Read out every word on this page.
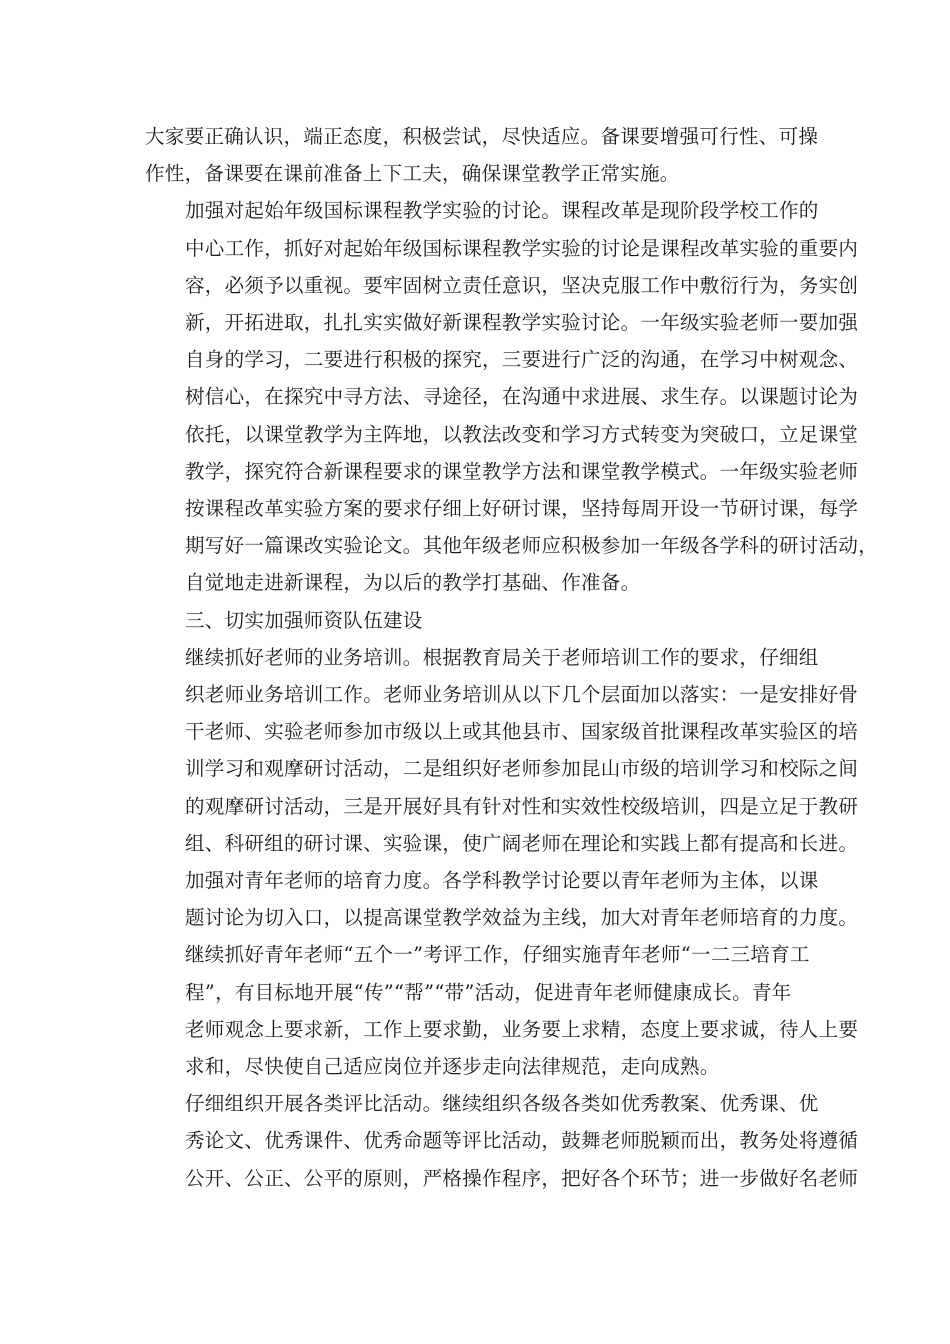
大家要正确认识，端正态度，积极尝试，尽快适应。备课要增强可行性、可操
作性，备课要在课前准备上下工夫，确保课堂教学正常实施。

加强对起始年级国标课程教学实验的讨论。课程改革是现阶段学校工作的
中心工作，抓好对起始年级国标课程教学实验的讨论是课程改革实验的重要内
容，必须予以重视。要牢固树立责任意识，坚决克服工作中敷衍行为，务实创
新，开拓进取，扎扎实实做好新课程教学实验讨论。一年级实验老师一要加强
自身的学习，二要进行积极的探究，三要进行广泛的沟通，在学习中树观念、
树信心，在探究中寻方法、寻途径，在沟通中求进展、求生存。以课题讨论为
依托，以课堂教学为主阵地，以教法改变和学习方式转变为突破口，立足课堂
教学，探究符合新课程要求的课堂教学方法和课堂教学模式。一年级实验老师
按课程改革实验方案的要求仔细上好研讨课，坚持每周开设一节研讨课，每学
期写好一篇课改实验论文。其他年级老师应积极参加一年级各学科的研讨活动，
自觉地走进新课程，为以后的教学打基础、作准备。

三、切实加强师资队伍建设

继续抓好老师的业务培训。根据教育局关于老师培训工作的要求，仔细组
织老师业务培训工作。老师业务培训从以下几个层面加以落实：一是安排好骨
干老师、实验老师参加市级以上或其他县市、国家级首批课程改革实验区的培
训学习和观摩研讨活动，二是组织好老师参加昆山市级的培训学习和校际之间
的观摩研讨活动，三是开展好具有针对性和实效性校级培训，四是立足于教研
组、科研组的研讨课、实验课，使广阔老师在理论和实践上都有提高和长进。

加强对青年老师的培育力度。各学科教学讨论要以青年老师为主体，以课
题讨论为切入口，以提高课堂教学效益为主线，加大对青年老师培育的力度。
继续抓好青年老师“五个一”考评工作，仔细实施青年老师“一二三培育工
程”，有目标地开展“传”“帮”“带”活动，促进青年老师健康成长。青年
老师观念上要求新，工作上要求勤，业务要上求精，态度上要求诚，待人上要
求和，尽快使自己适应岗位并逐步走向法律规范，走向成熟。

仔细组织开展各类评比活动。继续组织各级各类如优秀教案、优秀课、优
秀论文、优秀课件、优秀命题等评比活动，鼓舞老师脱颖而出，教务处将遵循
公开、公正、公平的原则，严格操作程序，把好各个环节；进一步做好名老师
